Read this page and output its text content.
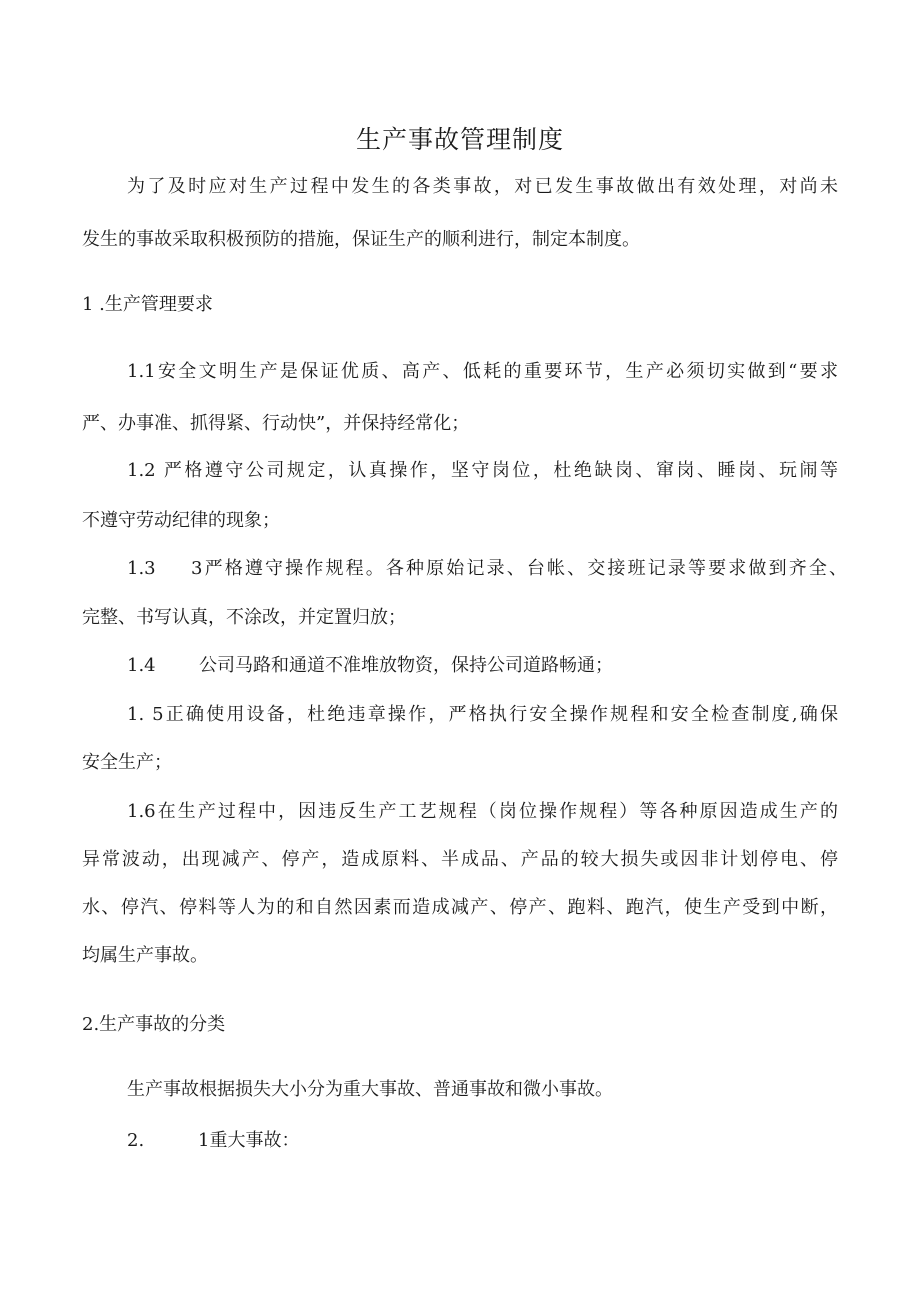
生产事故管理制度
为了及时应对生产过程中发生的各类事故，对已发生事故做出有效处理，对尚未
发生的事故采取积极预防的措施，保证生产的顺利进行，制定本制度。
1 .生产管理要求
1.1安全文明生产是保证优质、高产、低耗的重要环节，生产必须切实做到“要求
严、办事准、抓得紧、行动快”，并保持经常化；
1.2 严格遵守公司规定，认真操作，坚守岗位，杜绝缺岗、窜岗、睡岗、玩闹等
不遵守劳动纪律的现象；
1.3 3严格遵守操作规程。各种原始记录、台帐、交接班记录等要求做到齐全、
完整、书写认真，不涂改，并定置归放；
1.4 公司马路和通道不准堆放物资，保持公司道路畅通；
1. 5正确使用设备，杜绝违章操作，严格执行安全操作规程和安全检查制度,确保
安全生产；
1.6在生产过程中，因违反生产工艺规程（岗位操作规程）等各种原因造成生产的
异常波动，出现减产、停产，造成原料、半成品、产品的较大损失或因非计划停电、停
水、停汽、停料等人为的和自然因素而造成减产、停产、跑料、跑汽，使生产受到中断，
均属生产事故。
2.生产事故的分类
生产事故根据损失大小分为重大事故、普通事故和微小事故。
2.	1重大事故：
